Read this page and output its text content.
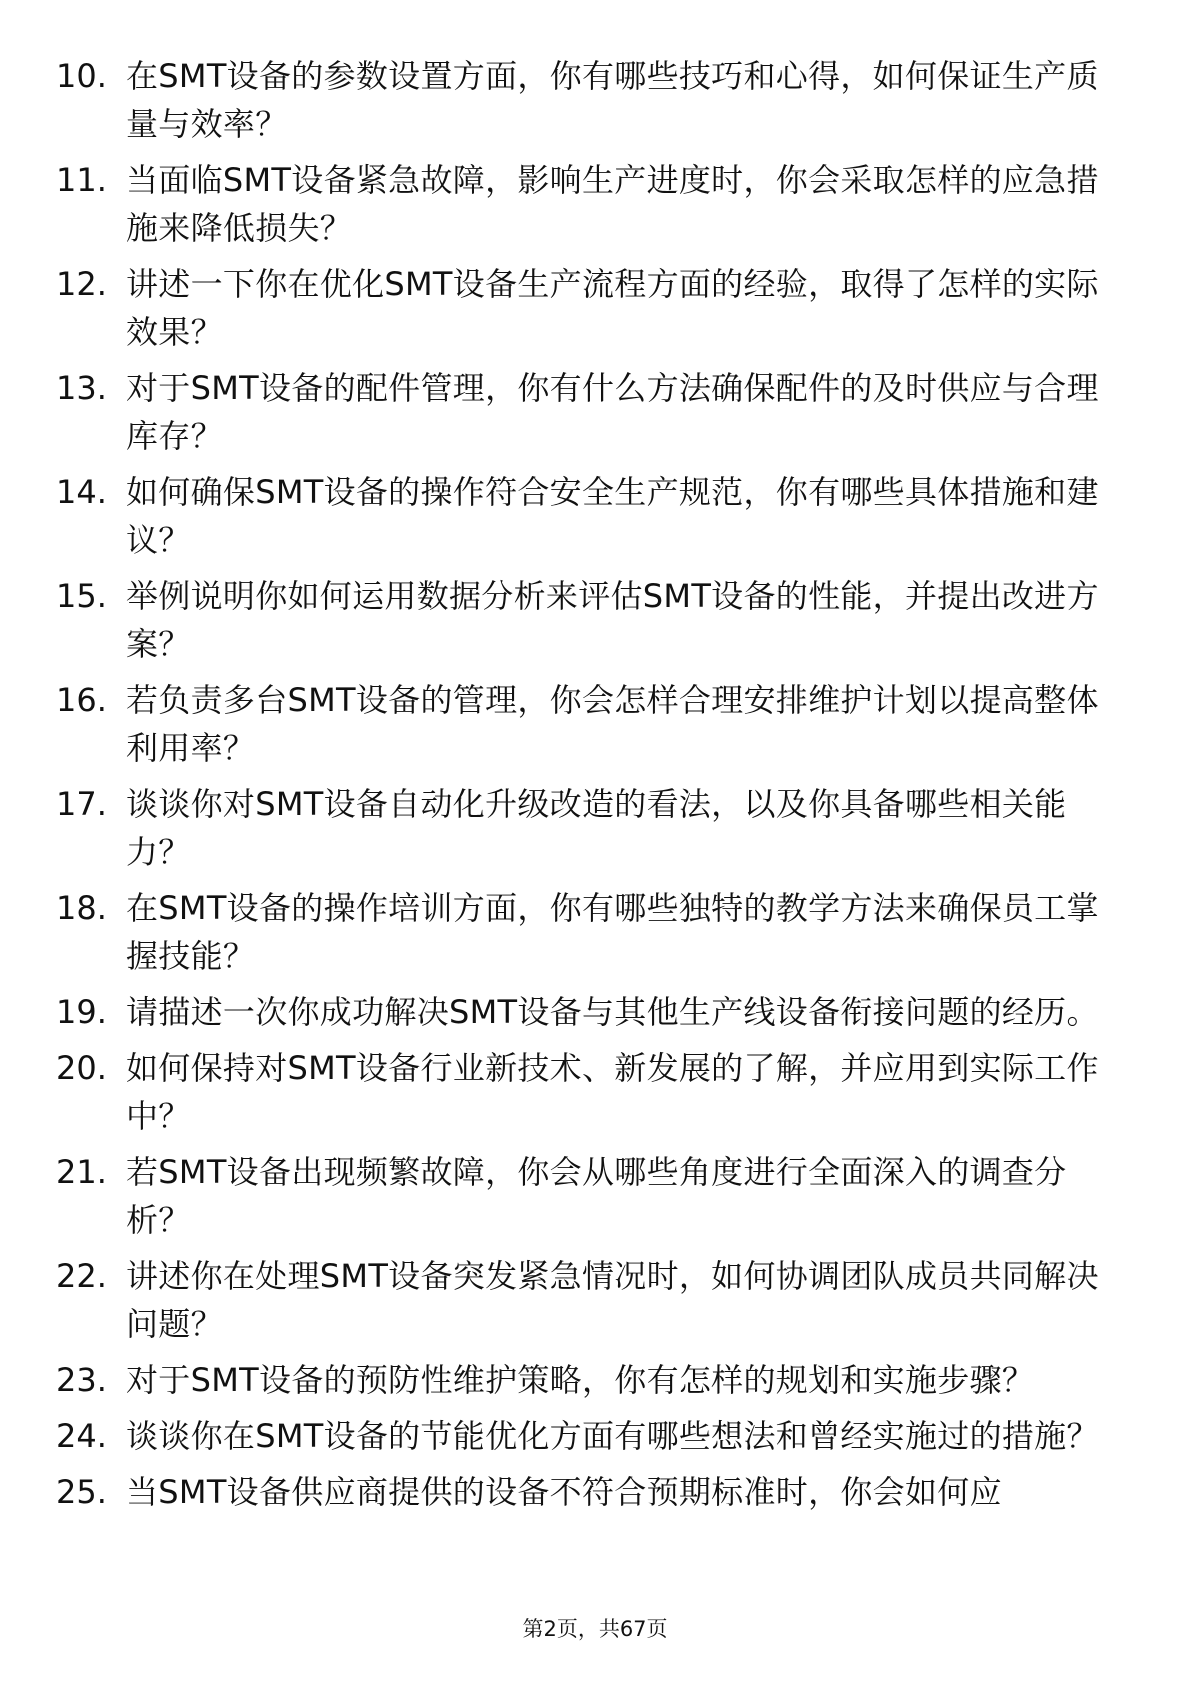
10. 在SMT设备的参数设置方面，你有哪些技巧和心得，如何保证生产质量与效率？
11. 当面临SMT设备紧急故障，影响生产进度时，你会采取怎样的应急措施来降低损失？
12. 讲述一下你在优化SMT设备生产流程方面的经验，取得了怎样的实际效果？
13. 对于SMT设备的配件管理，你有什么方法确保配件的及时供应与合理库存？
14. 如何确保SMT设备的操作符合安全生产规范，你有哪些具体措施和建议？
15. 举例说明你如何运用数据分析来评估SMT设备的性能，并提出改进方案？
16. 若负责多台SMT设备的管理，你会怎样合理安排维护计划以提高整体利用率？
17. 谈谈你对SMT设备自动化升级改造的看法，以及你具备哪些相关能力？
18. 在SMT设备的操作培训方面，你有哪些独特的教学方法来确保员工掌握技能？
19. 请描述一次你成功解决SMT设备与其他生产线设备衔接问题的经历。
20. 如何保持对SMT设备行业新技术、新发展的了解，并应用到实际工作中？
21. 若SMT设备出现频繁故障，你会从哪些角度进行全面深入的调查分析？
22. 讲述你在处理SMT设备突发紧急情况时，如何协调团队成员共同解决问题？
23. 对于SMT设备的预防性维护策略，你有怎样的规划和实施步骤？
24. 谈谈你在SMT设备的节能优化方面有哪些想法和曾经实施过的措施？
25. 当SMT设备供应商提供的设备不符合预期标准时，你会如何应
第2页，共67页
